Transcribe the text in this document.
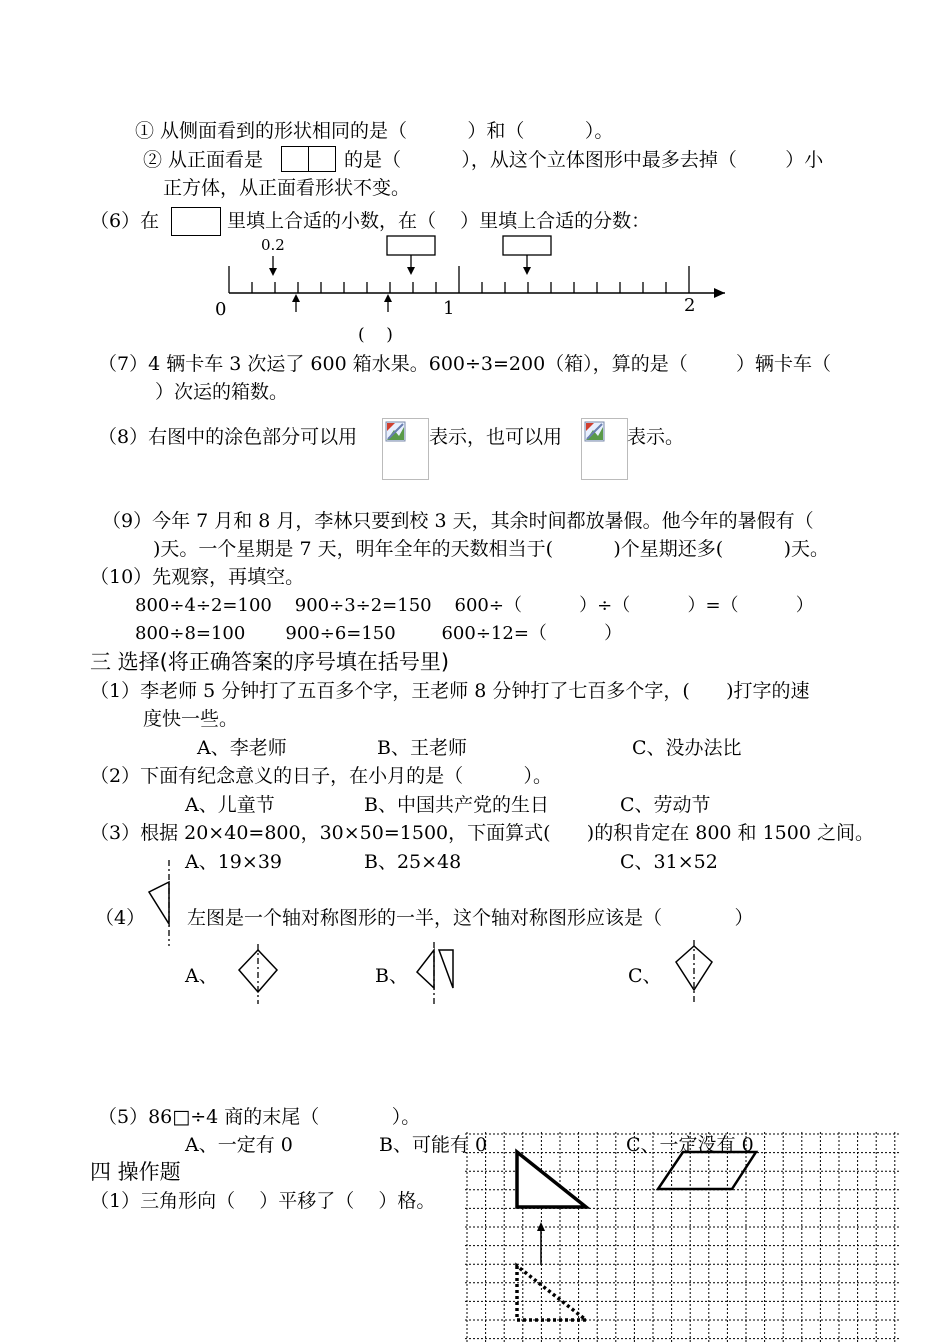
① 从侧面看到的形状相同的是（          ）和（          ）。
② 从正面看是	的是（          ），从这个立体图形中最多去掉（        ）小
正方体，从正面看形状不变。
（6）在	里填上合适的小数，在（    ）里填上合适的分数：
0.2
0	1	2
(    )
（7）4 辆卡车 3 次运了 600 箱水果。600÷3=200（箱），算的是（        ）辆卡车（
）次运的箱数。
（8）右图中的涂色部分可以用	表示，也可以用	表示。
（9）今年 7 月和 8 月，李林只要到校 3 天，其余时间都放暑假。他今年的暑假有（
)天。一个星期是 7 天，明年全年的天数相当于(          )个星期还多(          )天。
（10）先观察，再填空。
800÷4÷2=100    900÷3÷2=150    600÷（          ）÷（          ）=（          ）
800÷8=100       900÷6=150        600÷12=（          ）
三 选择(将正确答案的序号填在括号里)
（1）李老师 5 分钟打了五百多个字，王老师 8 分钟打了七百多个字，(      )打字的速
度快一些。
A、李老师	B、王老师	C、没办法比
（2）下面有纪念意义的日子，在小月的是（          ）。
A、儿童节	B、中国共产党的生日	C、劳动节
（3）根据 20×40=800，30×50=1500，下面算式(      )的积肯定在 800 和 1500 之间。
A、19×39	B、25×48	C、31×52
（4） 左图是一个轴对称图形的一半，这个轴对称图形应该是（            ）
A、	B、	C、
（5）86□÷4 商的末尾（            ）。
A、一定有 0	B、可能有 0
四 操作题
（1）三角形向（    ）平移了（    ）格。
C、一定没有 0
